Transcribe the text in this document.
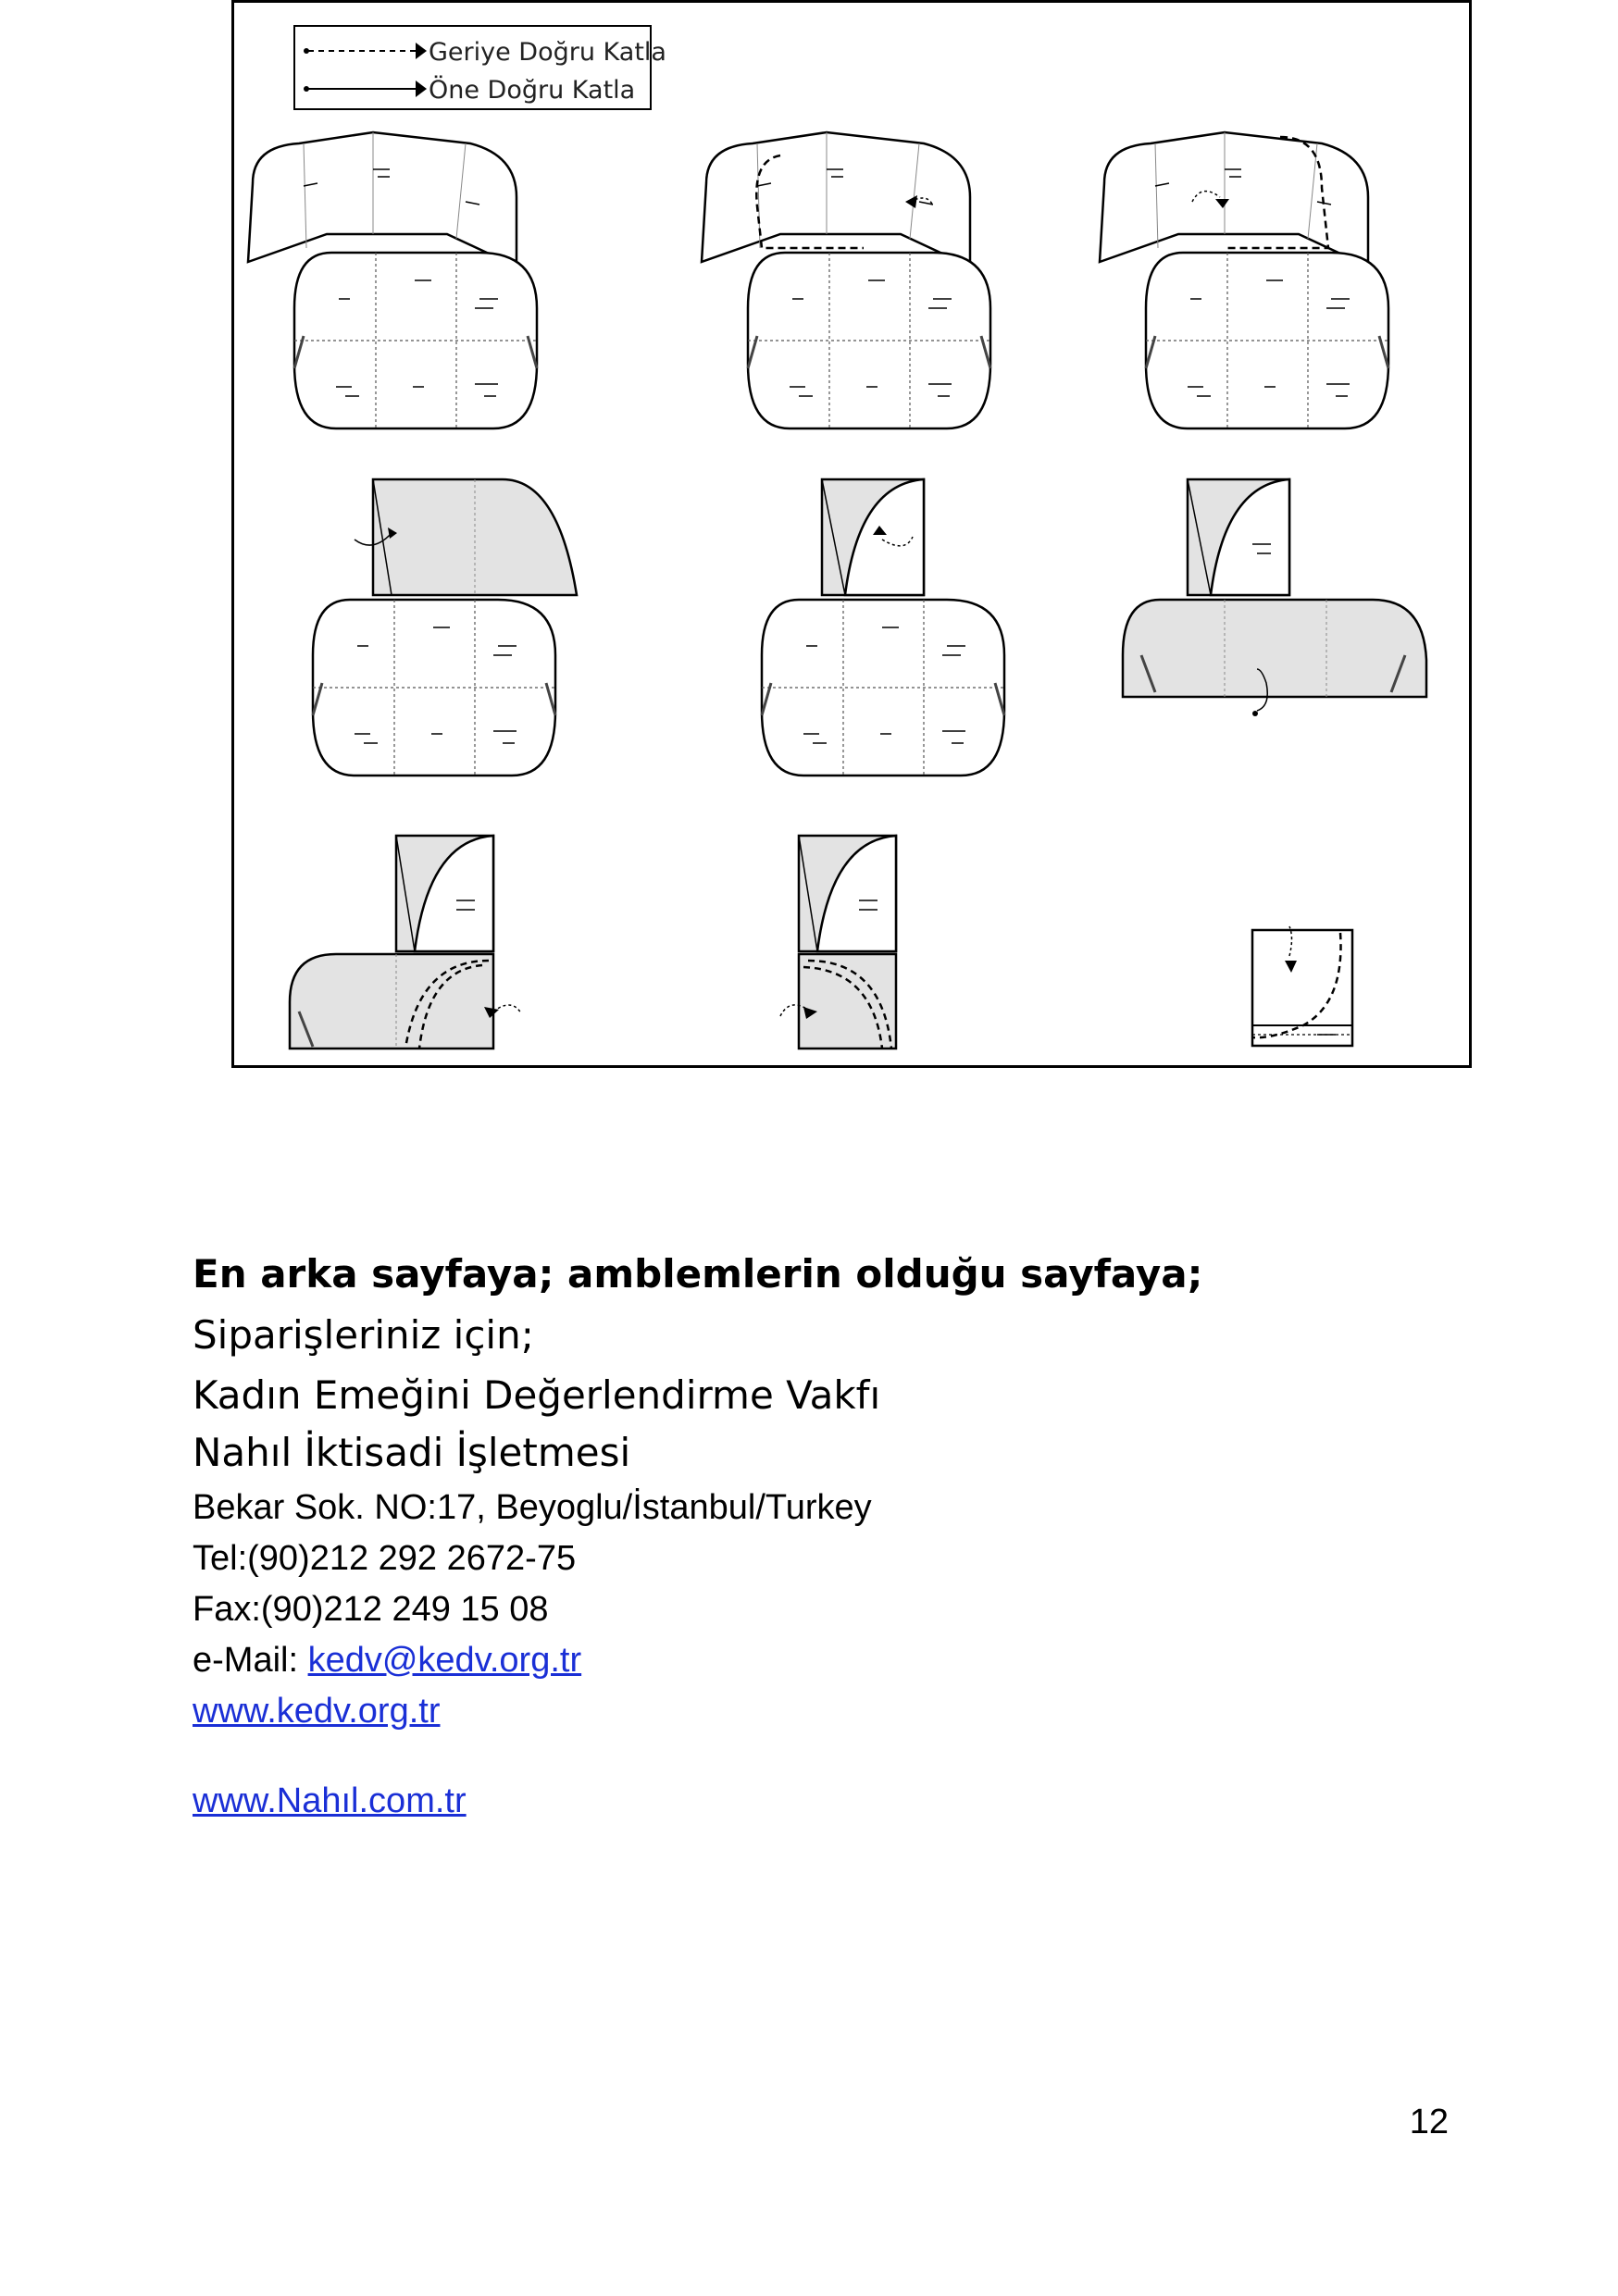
Geriye Doğru Katla
Öne Doğru Katla
En arka sayfaya; amblemlerin olduğu sayfaya;
Siparişleriniz için;
Kadın Emeğini Değerlendirme Vakfı
Nahıl İktisadi İşletmesi
Bekar Sok. NO:17, Beyoglu/İstanbul/Turkey
Tel:(90)212 292 2672-75
Fax:(90)212 249 15 08
e-Mail: kedv@kedv.org.tr
www.kedv.org.tr
www.Nahıl.com.tr
12
